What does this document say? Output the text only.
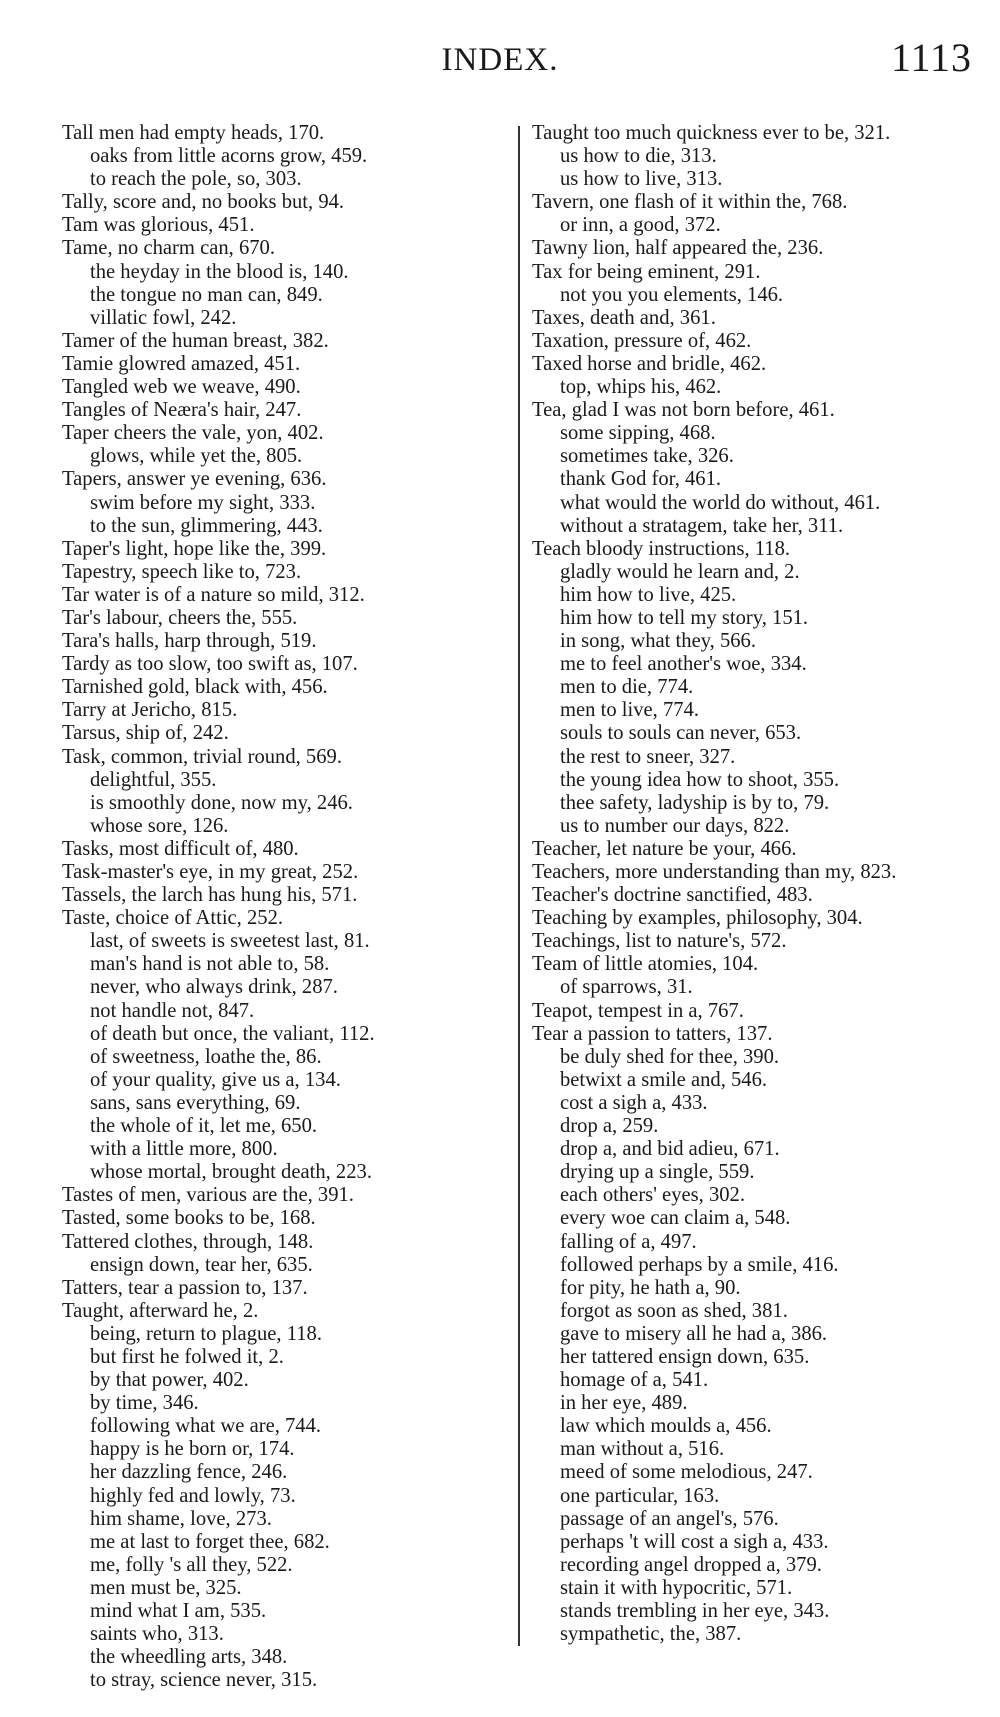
INDEX.	1113
Tall men had empty heads, 170.
oaks from little acorns grow, 459.
to reach the pole, so, 303.
Tally, score and, no books but, 94.
Tam was glorious, 451.
Tame, no charm can, 670.
the heyday in the blood is, 140.
the tongue no man can, 849.
villatic fowl, 242.
Tamer of the human breast, 382.
Tamie glowred amazed, 451.
Tangled web we weave, 490.
Tangles of Neæra's hair, 247.
Taper cheers the vale, yon, 402.
glows, while yet the, 805.
Tapers, answer ye evening, 636.
swim before my sight, 333.
to the sun, glimmering, 443.
Taper's light, hope like the, 399.
Tapestry, speech like to, 723.
Tar water is of a nature so mild, 312.
Tar's labour, cheers the, 555.
Tara's halls, harp through, 519.
Tardy as too slow, too swift as, 107.
Tarnished gold, black with, 456.
Tarry at Jericho, 815.
Tarsus, ship of, 242.
Task, common, trivial round, 569.
delightful, 355.
is smoothly done, now my, 246.
whose sore, 126.
Tasks, most difficult of, 480.
Task-master's eye, in my great, 252.
Tassels, the larch has hung his, 571.
Taste, choice of Attic, 252.
last, of sweets is sweetest last, 81.
man's hand is not able to, 58.
never, who always drink, 287.
not handle not, 847.
of death but once, the valiant, 112.
of sweetness, loathe the, 86.
of your quality, give us a, 134.
sans, sans everything, 69.
the whole of it, let me, 650.
with a little more, 800.
whose mortal, brought death, 223.
Tastes of men, various are the, 391.
Tasted, some books to be, 168.
Tattered clothes, through, 148.
ensign down, tear her, 635.
Tatters, tear a passion to, 137.
Taught, afterward he, 2.
being, return to plague, 118.
but first he folwed it, 2.
by that power, 402.
by time, 346.
following what we are, 744.
happy is he born or, 174.
her dazzling fence, 246.
highly fed and lowly, 73.
him shame, love, 273.
me at last to forget thee, 682.
me, folly 's all they, 522.
men must be, 325.
mind what I am, 535.
saints who, 313.
the wheedling arts, 348.
to stray, science never, 315.
Taught too much quickness ever to be, 321.
us how to die, 313.
us how to live, 313.
Tavern, one flash of it within the, 768.
or inn, a good, 372.
Tawny lion, half appeared the, 236.
Tax for being eminent, 291.
not you you elements, 146.
Taxes, death and, 361.
Taxation, pressure of, 462.
Taxed horse and bridle, 462.
top, whips his, 462.
Tea, glad I was not born before, 461.
some sipping, 468.
sometimes take, 326.
thank God for, 461.
what would the world do without, 461.
without a stratagem, take her, 311.
Teach bloody instructions, 118.
gladly would he learn and, 2.
him how to live, 425.
him how to tell my story, 151.
in song, what they, 566.
me to feel another's woe, 334.
men to die, 774.
men to live, 774.
souls to souls can never, 653.
the rest to sneer, 327.
the young idea how to shoot, 355.
thee safety, ladyship is by to, 79.
us to number our days, 822.
Teacher, let nature be your, 466.
Teachers, more understanding than my, 823.
Teacher's doctrine sanctified, 483.
Teaching by examples, philosophy, 304.
Teachings, list to nature's, 572.
Team of little atomies, 104.
of sparrows, 31.
Teapot, tempest in a, 767.
Tear a passion to tatters, 137.
be duly shed for thee, 390.
betwixt a smile and, 546.
cost a sigh a, 433.
drop a, 259.
drop a, and bid adieu, 671.
drying up a single, 559.
each others' eyes, 302.
every woe can claim a, 548.
falling of a, 497.
followed perhaps by a smile, 416.
for pity, he hath a, 90.
forgot as soon as shed, 381.
gave to misery all he had a, 386.
her tattered ensign down, 635.
homage of a, 541.
in her eye, 489.
law which moulds a, 456.
man without a, 516.
meed of some melodious, 247.
one particular, 163.
passage of an angel's, 576.
perhaps 't will cost a sigh a, 433.
recording angel dropped a, 379.
stain it with hypocritic, 571.
stands trembling in her eye, 343.
sympathetic, the, 387.
